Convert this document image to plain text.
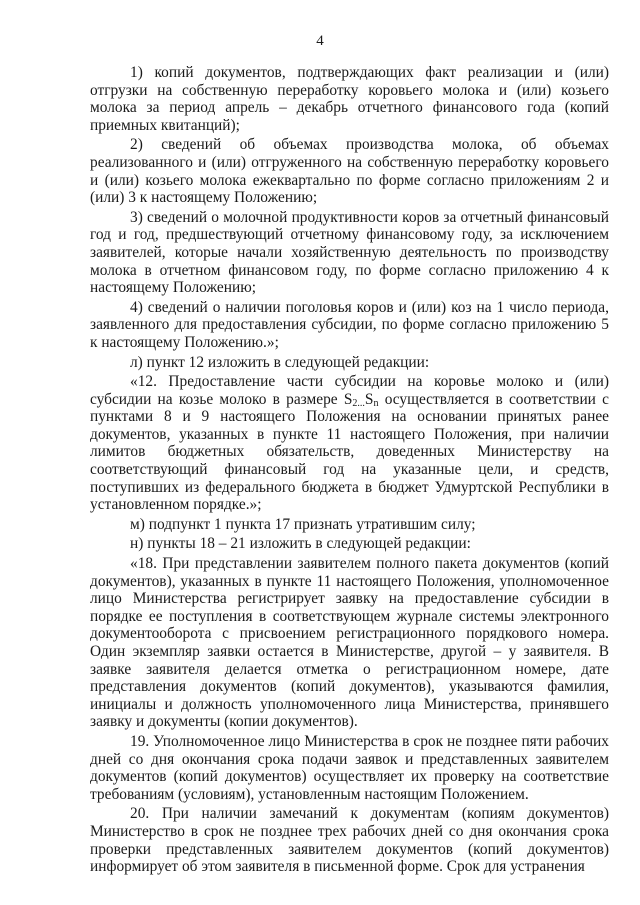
4

1) копий документов, подтверждающих факт реализации и (или) отгрузки на собственную переработку коровьего молока и (или) козьего молока за период апрель – декабрь отчетного финансового года (копий приемных квитанций);

2) сведений об объемах производства молока, об объемах реализованного и (или) отгруженного на собственную переработку коровьего и (или) козьего молока ежеквартально по форме согласно приложениям 2 и (или) 3 к настоящему Положению;

3) сведений о молочной продуктивности коров за отчетный финансовый год и год, предшествующий отчетному финансовому году, за исключением заявителей, которые начали хозяйственную деятельность по производству молока в отчетном финансовом году, по форме согласно приложению 4 к настоящему Положению;

4) сведений о наличии поголовья коров и (или) коз на 1 число периода, заявленного для предоставления субсидии, по форме согласно приложению 5 к настоящему Положению.»;

л) пункт 12 изложить в следующей редакции:

«12. Предоставление части субсидии на коровье молоко и (или) субсидии на козье молоко в размере $S_{2...}S_n$ осуществляется в соответствии с пунктами 8 и 9 настоящего Положения на основании принятых ранее документов, указанных в пункте 11 настоящего Положения, при наличии лимитов бюджетных обязательств, доведенных Министерству на соответствующий финансовый год на указанные цели, и средств, поступивших из федерального бюджета в бюджет Удмуртской Республики в установленном порядке.»;

м) подпункт 1 пункта 17 признать утратившим силу;

н) пункты 18 – 21 изложить в следующей редакции:

«18. При представлении заявителем полного пакета документов (копий документов), указанных в пункте 11 настоящего Положения, уполномоченное лицо Министерства регистрирует заявку на предоставление субсидии в порядке ее поступления в соответствующем журнале системы электронного документооборота с присвоением регистрационного порядкового номера. Один экземпляр заявки остается в Министерстве, другой – у заявителя. В заявке заявителя делается отметка о регистрационном номере, дате представления документов (копий документов), указываются фамилия, инициалы и должность уполномоченного лица Министерства, принявшего заявку и документы (копии документов).

19. Уполномоченное лицо Министерства в срок не позднее пяти рабочих дней со дня окончания срока подачи заявок и представленных заявителем документов (копий документов) осуществляет их проверку на соответствие требованиям (условиям), установленным настоящим Положением.

20. При наличии замечаний к документам (копиям документов) Министерство в срок не позднее трех рабочих дней со дня окончания срока проверки представленных заявителем документов (копий документов) информирует об этом заявителя в письменной форме. Срок для устранения
